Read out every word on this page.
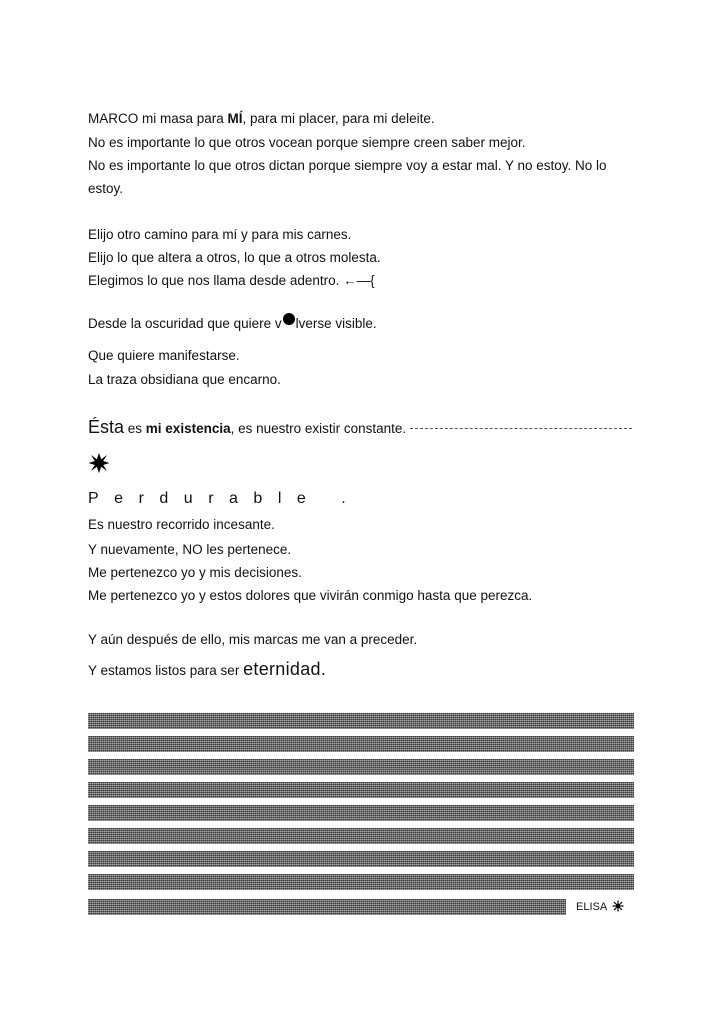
MARCO mi masa para MÍ, para mi placer, para mi deleite.
No es importante lo que otros vocean porque siempre creen saber mejor.
No es importante lo que otros dictan porque siempre voy a estar mal. Y no estoy. No lo
estoy.
Elijo otro camino para mí y para mis carnes.
Elijo lo que altera a otros, lo que a otros molesta.
Elegimos lo que nos llama desde adentro. ←—{
Desde la oscuridad que quiere v lverse visible.
Que quiere manifestarse.
La traza obsidiana que encarno.
Ésta es mi existencia, es nuestro existir constante.
Perdurable .
Es nuestro recorrido incesante.
Y nuevamente, NO les pertenece.
Me pertenezco yo y mis decisiones.
Me pertenezco yo y estos dolores que vivirán conmigo hasta que perezca.
Y aún después de ello, mis marcas me van a preceder.
Y estamos listos para ser eternidad.
ELISA
